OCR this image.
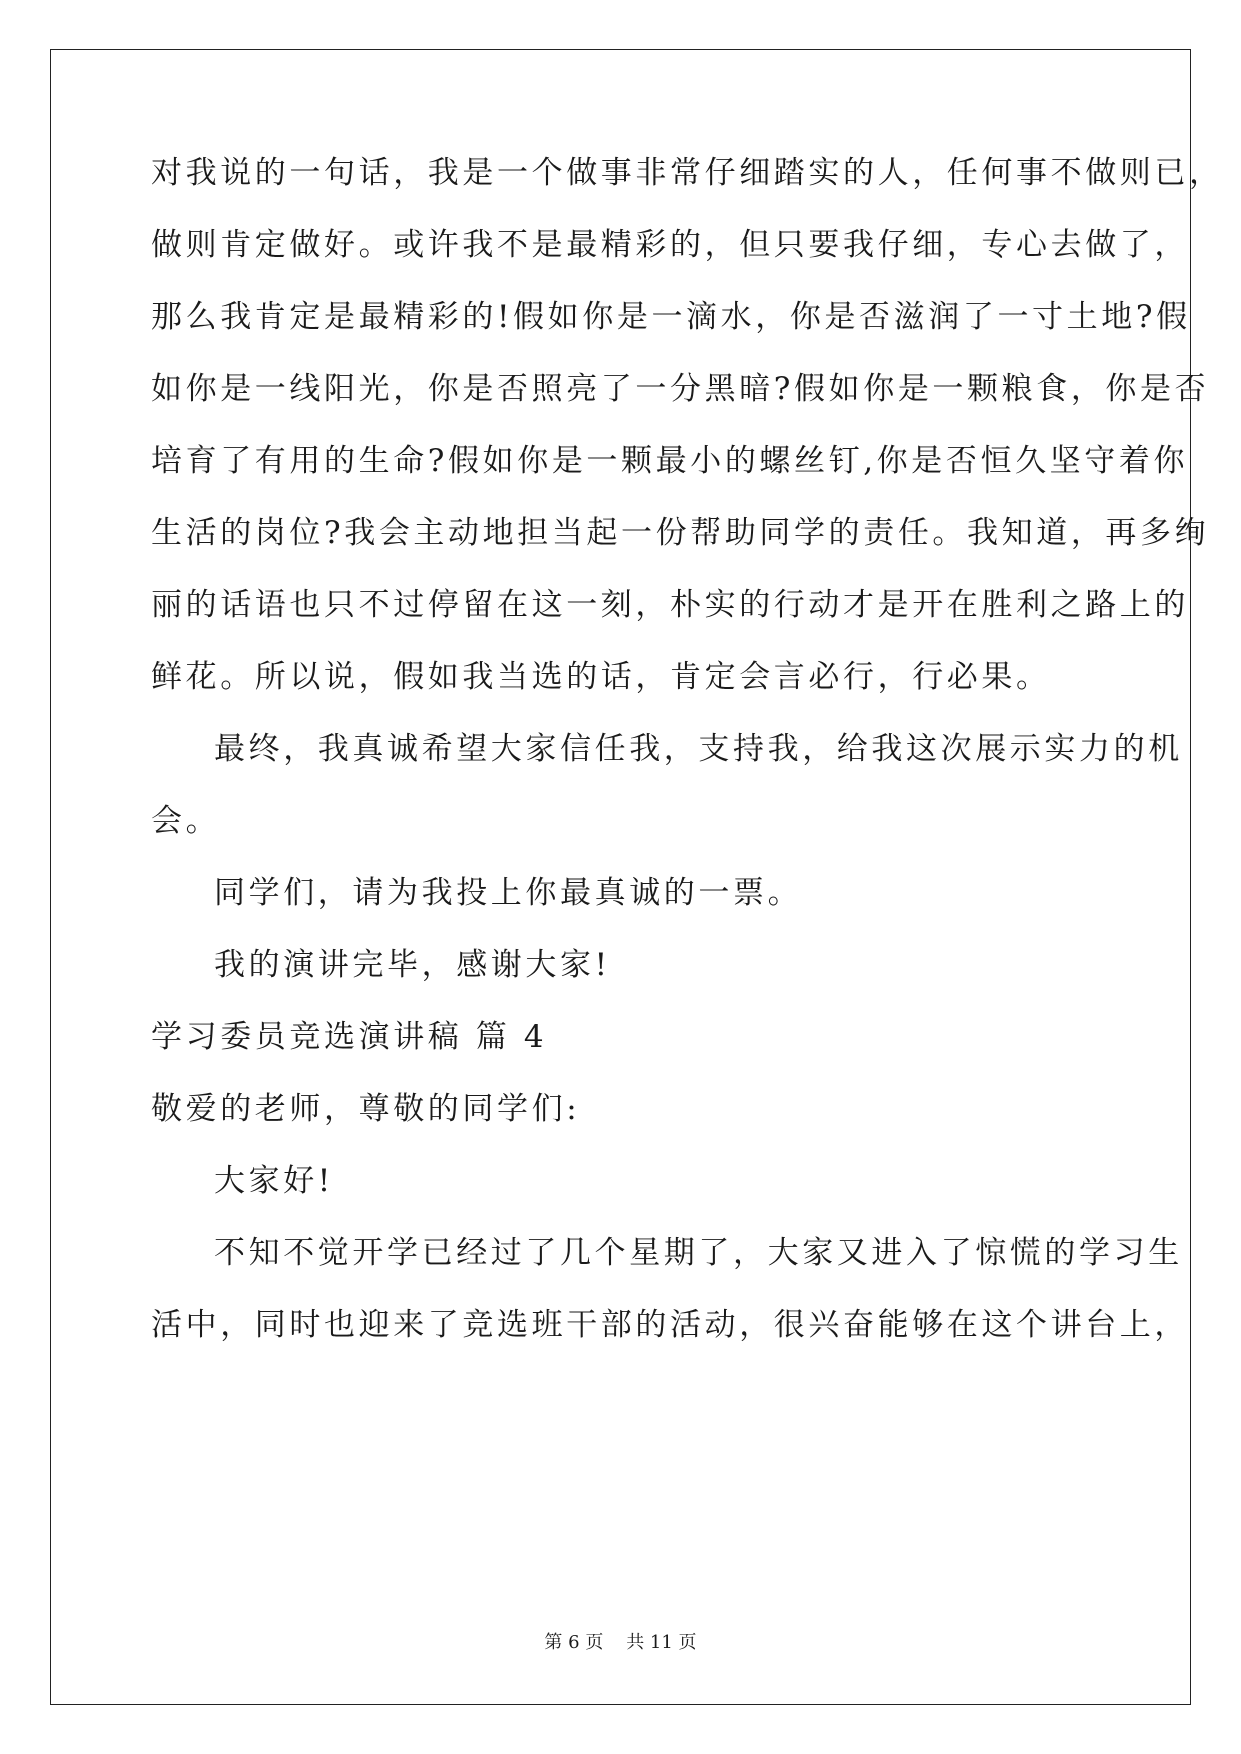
对我说的一句话，我是一个做事非常仔细踏实的人，任何事不做则已，

做则肯定做好。或许我不是最精彩的，但只要我仔细，专心去做了，

那么我肯定是最精彩的!假如你是一滴水，你是否滋润了一寸土地?假

如你是一线阳光，你是否照亮了一分黑暗?假如你是一颗粮食，你是否

培育了有用的生命?假如你是一颗最小的螺丝钉,你是否恒久坚守着你

生活的岗位?我会主动地担当起一份帮助同学的责任。我知道，再多绚

丽的话语也只不过停留在这一刻，朴实的行动才是开在胜利之路上的

鲜花。所以说，假如我当选的话，肯定会言必行，行必果。

最终，我真诚希望大家信任我，支持我，给我这次展示实力的机

会。

同学们，请为我投上你最真诚的一票。

我的演讲完毕，感谢大家!

学习委员竞选演讲稿 篇 4

敬爱的老师，尊敬的同学们:

大家好!

不知不觉开学已经过了几个星期了，大家又进入了惊慌的学习生

活中，同时也迎来了竞选班干部的活动，很兴奋能够在这个讲台上，

第 6 页    共 11 页
